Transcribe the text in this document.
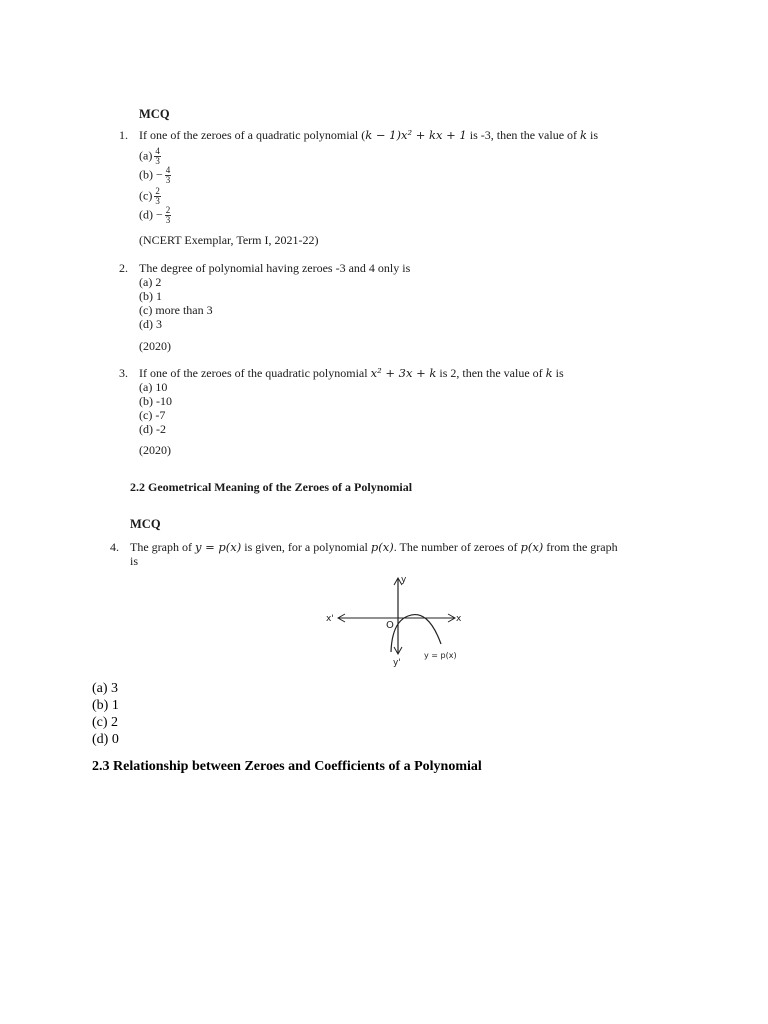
MCQ
1. If one of the zeroes of a quadratic polynomial (k − 1)x² + kx + 1 is -3, then the value of k is
$(a) \frac{4}{3}$
$(b) - \frac{4}{3}$
$(c) \frac{2}{3}$
$(d) - \frac{2}{3}$
(NCERT Exemplar, Term I, 2021-22)
2. The degree of polynomial having zeroes -3 and 4 only is
(a) 2
(b) 1
(c) more than 3
(d) 3
(2020)
3. If one of the zeroes of the quadratic polynomial x² + 3x + k is 2, then the value of k is
(a) 10
(b) -10
(c) -7
(d) -2
(2020)
2.2 Geometrical Meaning of the Zeroes of a Polynomial
MCQ
4. The graph of y = p(x) is given, for a polynomial p(x). The number of zeroes of p(x) from the graph
is
x'	x
y
y'
O
y = p(x)
(a) 3
(b) 1
(c) 2
(d) 0
2.3 Relationship between Zeroes and Coefficients of a Polynomial
